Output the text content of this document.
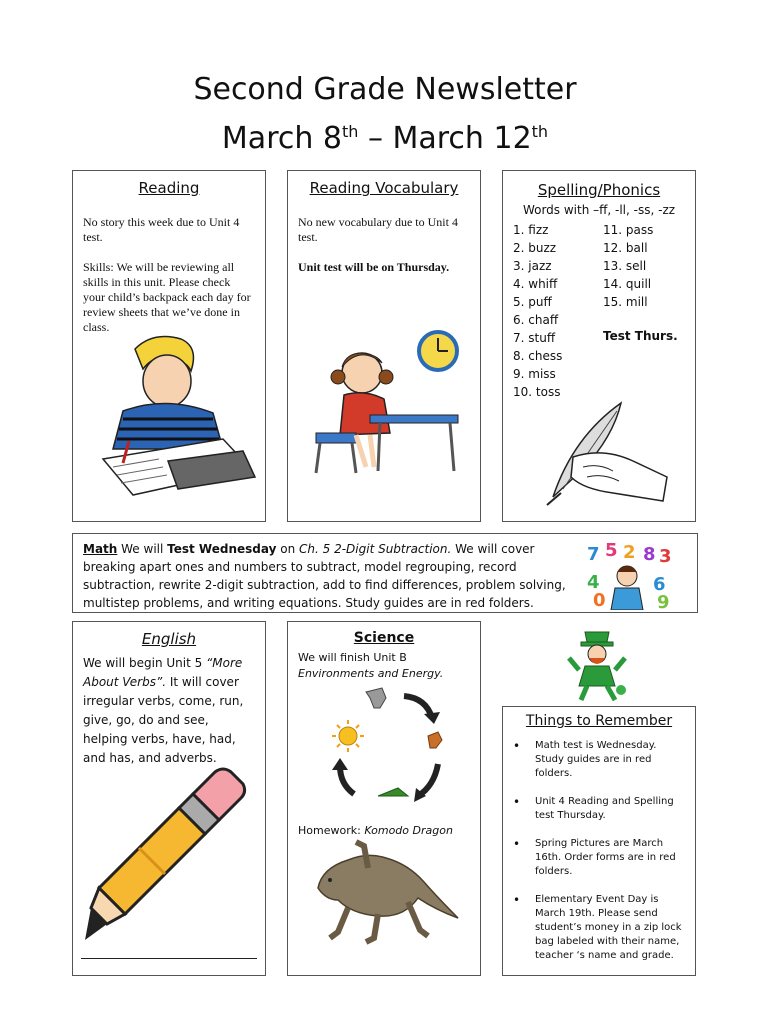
Second Grade Newsletter
March 8th – March 12th
Reading
No story this week due to Unit 4 test.
Skills: We will be reviewing all skills in this unit. Please check your child’s backpack each day for review sheets that we’ve done in class.
Reading Vocabulary
No new vocabulary due to Unit 4 test.
Unit test will be on Thursday.
Spelling/Phonics
Words with –ff, -ll, -ss, -zz
1. fizz
2. buzz
3. jazz
4. whiff
5. puff
6. chaff
7. stuff
8. chess
9. miss
10. toss
11. pass
12. ball
13. sell
14. quill
15. mill
Test Thurs.
Math We will Test Wednesday on Ch. 5 2-Digit Subtraction. We will cover breaking apart ones and numbers to subtract, model regrouping, record subtraction, rewrite 2-digit subtraction, add to find differences, problem solving, multistep problems, and writing equations. Study guides are in red folders.
7 5 2 8 3
4
0
6
9
English
We will begin Unit 5 “More About Verbs”. It will cover irregular verbs, come, run, give, go, do and see, helping verbs, have, had, and has, and adverbs.
Science
We will finish Unit B Environments and Energy.
Homework: Komodo Dragon
Things to Remember
• Math test is Wednesday. Study guides are in red folders.
• Unit 4 Reading and Spelling test Thursday.
• Spring Pictures are March 16th. Order forms are in red folders.
• Elementary Event Day is March 19th. Please send student’s money in a zip lock bag labeled with their name, teacher ‘s name and grade.
